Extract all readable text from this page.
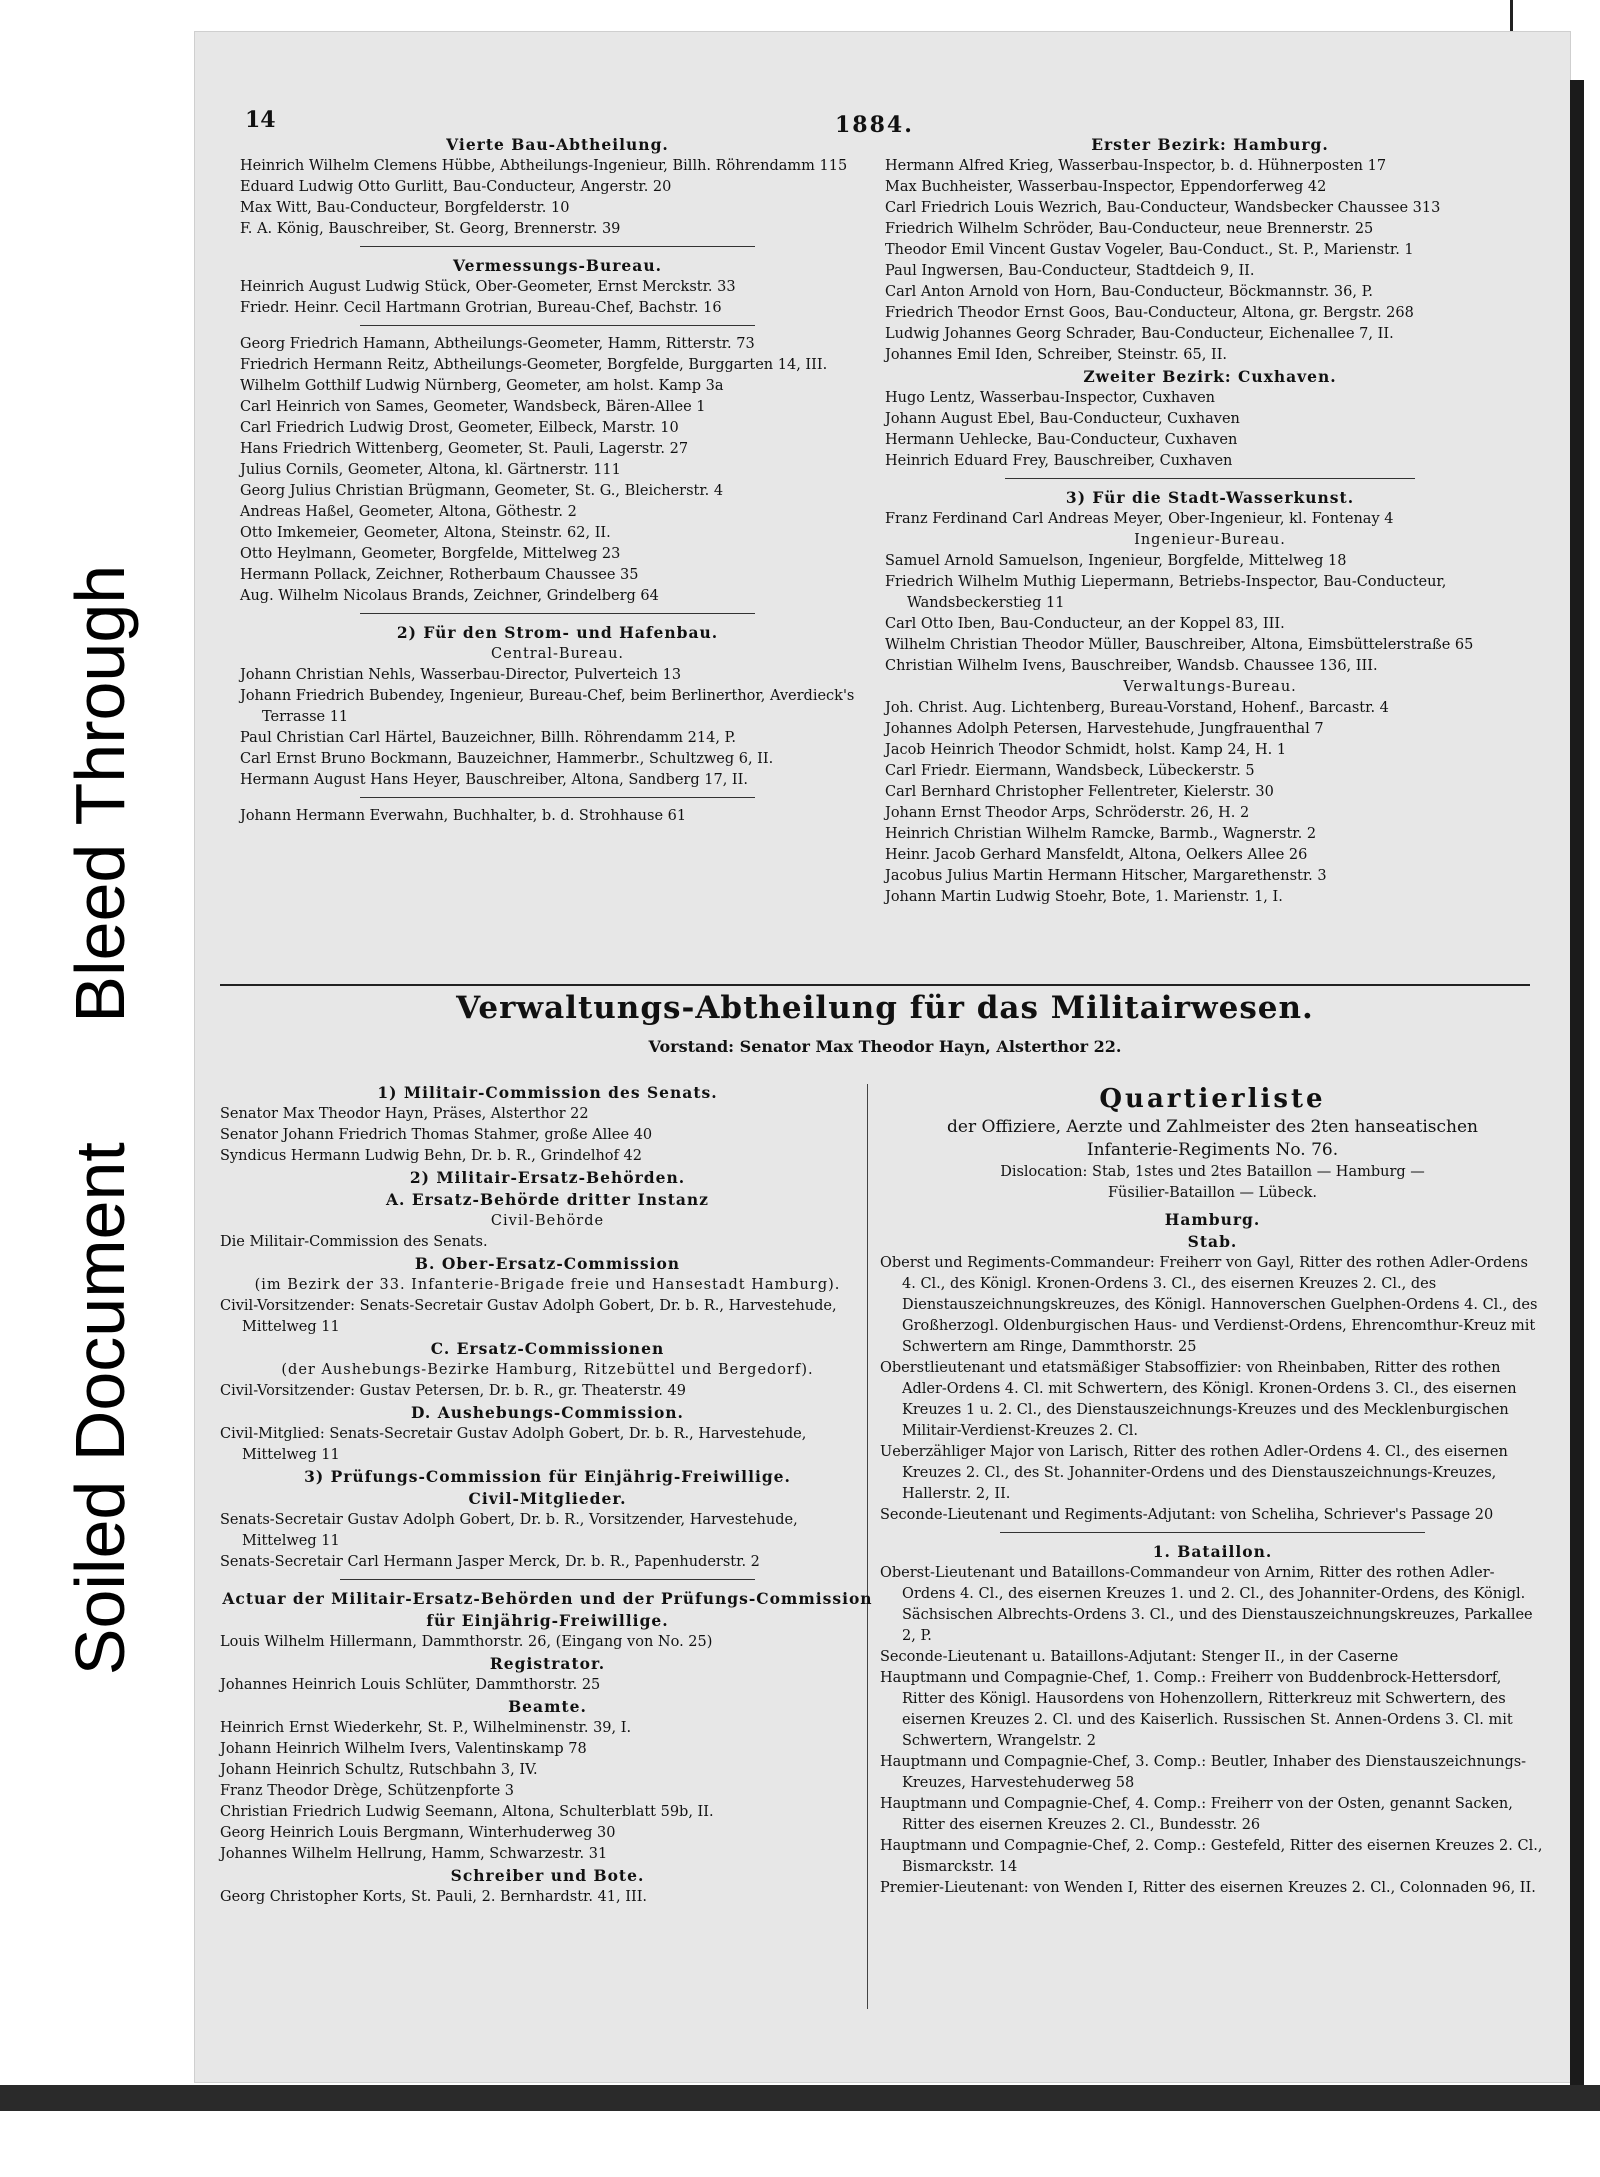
Soiled Document Bleed Through
14	1884.
Vierte Bau-Abtheilung.
Heinrich Wilhelm Clemens Hübbe, Abtheilungs-Ingenieur, Billh. Röhrendamm 115
Eduard Ludwig Otto Gurlitt, Bau-Conducteur, Angerstr. 20
Max Witt, Bau-Conducteur, Borgfelderstr. 10
F. A. König, Bauschreiber, St. Georg, Brennerstr. 39
Vermessungs-Bureau.
Heinrich August Ludwig Stück, Ober-Geometer, Ernst Merckstr. 33
Friedr. Heinr. Cecil Hartmann Grotrian, Bureau-Chef, Bachstr. 16
Georg Friedrich Hamann, Abtheilungs-Geometer, Hamm, Ritterstr. 73
Friedrich Hermann Reitz, Abtheilungs-Geometer, Borgfelde, Burggarten 14, III.
Wilhelm Gotthilf Ludwig Nürnberg, Geometer, am holst. Kamp 3a
Carl Heinrich von Sames, Geometer, Wandsbeck, Bären-Allee 1
Carl Friedrich Ludwig Drost, Geometer, Eilbeck, Marstr. 10
Hans Friedrich Wittenberg, Geometer, St. Pauli, Lagerstr. 27
Julius Cornils, Geometer, Altona, kl. Gärtnerstr. 111
Georg Julius Christian Brügmann, Geometer, St. G., Bleicherstr. 4
Andreas Haßel, Geometer, Altona, Göthestr. 2
Otto Imkemeier, Geometer, Altona, Steinstr. 62, II.
Otto Heylmann, Geometer, Borgfelde, Mittelweg 23
Hermann Pollack, Zeichner, Rotherbaum Chaussee 35
Aug. Wilhelm Nicolaus Brands, Zeichner, Grindelberg 64
2) Für den Strom- und Hafenbau.
Central-Bureau.
Johann Christian Nehls, Wasserbau-Director, Pulverteich 13
Johann Friedrich Bubendey, Ingenieur, Bureau-Chef, beim Berlinerthor, Averdieck's Terrasse 11
Paul Christian Carl Härtel, Bauzeichner, Billh. Röhrendamm 214, P.
Carl Ernst Bruno Bockmann, Bauzeichner, Hammerbr., Schultzweg 6, II.
Hermann August Hans Heyer, Bauschreiber, Altona, Sandberg 17, II.
Johann Hermann Everwahn, Buchhalter, b. d. Strohhause 61
Erster Bezirk: Hamburg.
Hermann Alfred Krieg, Wasserbau-Inspector, b. d. Hühnerposten 17
Max Buchheister, Wasserbau-Inspector, Eppendorferweg 42
Carl Friedrich Louis Wezrich, Bau-Conducteur, Wandsbecker Chaussee 313
Friedrich Wilhelm Schröder, Bau-Conducteur, neue Brennerstr. 25
Theodor Emil Vincent Gustav Vogeler, Bau-Conduct., St. P., Marienstr. 1
Paul Ingwersen, Bau-Conducteur, Stadtdeich 9, II.
Carl Anton Arnold von Horn, Bau-Conducteur, Böckmannstr. 36, P.
Friedrich Theodor Ernst Goos, Bau-Conducteur, Altona, gr. Bergstr. 268
Ludwig Johannes Georg Schrader, Bau-Conducteur, Eichenallee 7, II.
Johannes Emil Iden, Schreiber, Steinstr. 65, II.
Zweiter Bezirk: Cuxhaven.
Hugo Lentz, Wasserbau-Inspector, Cuxhaven
Johann August Ebel, Bau-Conducteur, Cuxhaven
Hermann Uehlecke, Bau-Conducteur, Cuxhaven
Heinrich Eduard Frey, Bauschreiber, Cuxhaven
3) Für die Stadt-Wasserkunst.
Franz Ferdinand Carl Andreas Meyer, Ober-Ingenieur, kl. Fontenay 4
Ingenieur-Bureau.
Samuel Arnold Samuelson, Ingenieur, Borgfelde, Mittelweg 18
Friedrich Wilhelm Muthig Liepermann, Betriebs-Inspector, Bau-Conducteur, Wandsbeckerstieg 11
Carl Otto Iben, Bau-Conducteur, an der Koppel 83, III.
Wilhelm Christian Theodor Müller, Bauschreiber, Altona, Eimsbüttelerstraße 65
Christian Wilhelm Ivens, Bauschreiber, Wandsb. Chaussee 136, III.
Verwaltungs-Bureau.
Joh. Christ. Aug. Lichtenberg, Bureau-Vorstand, Hohenf., Barcastr. 4
Johannes Adolph Petersen, Harvestehude, Jungfrauenthal 7
Jacob Heinrich Theodor Schmidt, holst. Kamp 24, H. 1
Carl Friedr. Eiermann, Wandsbeck, Lübeckerstr. 5
Carl Bernhard Christopher Fellentreter, Kielerstr. 30
Johann Ernst Theodor Arps, Schröderstr. 26, H. 2
Heinrich Christian Wilhelm Ramcke, Barmb., Wagnerstr. 2
Heinr. Jacob Gerhard Mansfeldt, Altona, Oelkers Allee 26
Jacobus Julius Martin Hermann Hitscher, Margarethenstr. 3
Johann Martin Ludwig Stoehr, Bote, 1. Marienstr. 1, I.
Verwaltungs-Abtheilung für das Militairwesen.
Vorstand: Senator Max Theodor Hayn, Alsterthor 22.
1) Militair-Commission des Senats.
Senator Max Theodor Hayn, Präses, Alsterthor 22
Senator Johann Friedrich Thomas Stahmer, große Allee 40
Syndicus Hermann Ludwig Behn, Dr. b. R., Grindelhof 42
2) Militair-Ersatz-Behörden.
A. Ersatz-Behörde dritter Instanz
Civil-Behörde
Die Militair-Commission des Senats.
B. Ober-Ersatz-Commission
(im Bezirk der 33. Infanterie-Brigade freie und Hansestadt Hamburg).
Civil-Vorsitzender: Senats-Secretair Gustav Adolph Gobert, Dr. b. R., Harvestehude, Mittelweg 11
C. Ersatz-Commissionen
(der Aushebungs-Bezirke Hamburg, Ritzebüttel und Bergedorf).
Civil-Vorsitzender: Gustav Petersen, Dr. b. R., gr. Theaterstr. 49
D. Aushebungs-Commission.
Civil-Mitglied: Senats-Secretair Gustav Adolph Gobert, Dr. b. R., Harvestehude, Mittelweg 11
3) Prüfungs-Commission für Einjährig-Freiwillige.
Civil-Mitglieder.
Senats-Secretair Gustav Adolph Gobert, Dr. b. R., Vorsitzender, Harvestehude, Mittelweg 11
Senats-Secretair Carl Hermann Jasper Merck, Dr. b. R., Papenhuderstr. 2
Actuar der Militair-Ersatz-Behörden und der Prüfungs-Commission für Einjährig-Freiwillige.
Louis Wilhelm Hillermann, Dammthorstr. 26, (Eingang von No. 25)
Registrator.
Johannes Heinrich Louis Schlüter, Dammthorstr. 25
Beamte.
Heinrich Ernst Wiederkehr, St. P., Wilhelminenstr. 39, I.
Johann Heinrich Wilhelm Ivers, Valentinskamp 78
Johann Heinrich Schultz, Rutschbahn 3, IV.
Franz Theodor Drège, Schützenpforte 3
Christian Friedrich Ludwig Seemann, Altona, Schulterblatt 59b, II.
Georg Heinrich Louis Bergmann, Winterhuderweg 30
Johannes Wilhelm Hellrung, Hamm, Schwarzestr. 31
Schreiber und Bote.
Georg Christopher Korts, St. Pauli, 2. Bernhardstr. 41, III.
Quartierliste
der Offiziere, Aerzte und Zahlmeister des 2ten hanseatischen
Infanterie-Regiments No. 76.
Dislocation: Stab, 1stes und 2tes Bataillon — Hamburg —
Füsilier-Bataillon — Lübeck.
Hamburg.
Stab.
Oberst und Regiments-Commandeur: Freiherr von Gayl, Ritter des rothen Adler-Ordens 4. Cl., des Königl. Kronen-Ordens 3. Cl., des eisernen Kreuzes 2. Cl., des Dienstauszeichnungskreuzes, des Königl. Hannoverschen Guelphen-Ordens 4. Cl., des Großherzogl. Oldenburgischen Haus- und Verdienst-Ordens, Ehrencomthur-Kreuz mit Schwertern am Ringe, Dammthorstr. 25
Oberstlieutenant und etatsmäßiger Stabsoffizier: von Rheinbaben, Ritter des rothen Adler-Ordens 4. Cl. mit Schwertern, des Königl. Kronen-Ordens 3. Cl., des eisernen Kreuzes 1 u. 2. Cl., des Dienstauszeichnungs-Kreuzes und des Mecklenburgischen Militair-Verdienst-Kreuzes 2. Cl.
Ueberzähliger Major von Larisch, Ritter des rothen Adler-Ordens 4. Cl., des eisernen Kreuzes 2. Cl., des St. Johanniter-Ordens und des Dienstauszeichnungs-Kreuzes, Hallerstr. 2, II.
Seconde-Lieutenant und Regiments-Adjutant: von Scheliha, Schriever's Passage 20
1. Bataillon.
Oberst-Lieutenant und Bataillons-Commandeur von Arnim, Ritter des rothen Adler-Ordens 4. Cl., des eisernen Kreuzes 1. und 2. Cl., des Johanniter-Ordens, des Königl. Sächsischen Albrechts-Ordens 3. Cl., und des Dienstauszeichnungskreuzes, Parkallee 2, P.
Seconde-Lieutenant u. Bataillons-Adjutant: Stenger II., in der Caserne
Hauptmann und Compagnie-Chef, 1. Comp.: Freiherr von Buddenbrock-Hettersdorf, Ritter des Königl. Hausordens von Hohenzollern, Ritterkreuz mit Schwertern, des eisernen Kreuzes 2. Cl. und des Kaiserlich. Russischen St. Annen-Ordens 3. Cl. mit Schwertern, Wrangelstr. 2
Hauptmann und Compagnie-Chef, 3. Comp.: Beutler, Inhaber des Dienstauszeichnungs-Kreuzes, Harvestehuderweg 58
Hauptmann und Compagnie-Chef, 4. Comp.: Freiherr von der Osten, genannt Sacken, Ritter des eisernen Kreuzes 2. Cl., Bundesstr. 26
Hauptmann und Compagnie-Chef, 2. Comp.: Gestefeld, Ritter des eisernen Kreuzes 2. Cl., Bismarckstr. 14
Premier-Lieutenant: von Wenden I, Ritter des eisernen Kreuzes 2. Cl., Colonnaden 96, II.
